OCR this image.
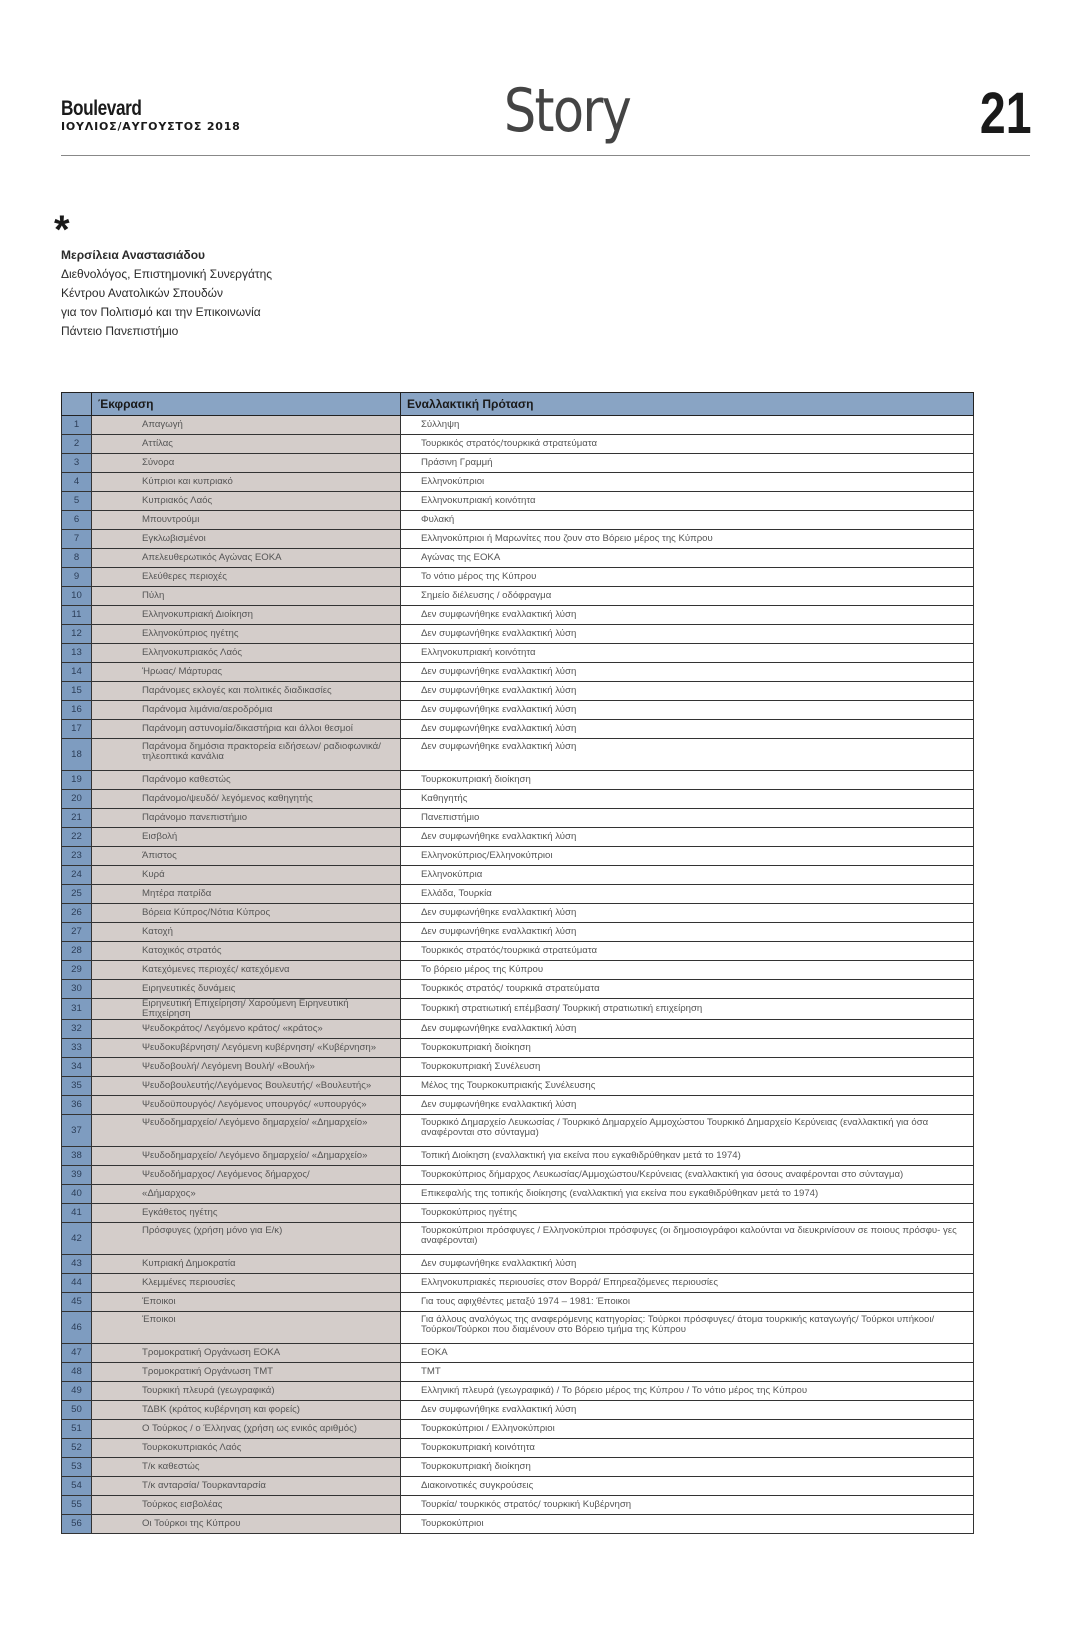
Boulevard
ΙΟΥΛΙΟΣ/ΑΥΓΟΥΣΤΟΣ 2018	Story	21
*
Μερσίλεια Αναστασιάδου
Διεθνολόγος, Επιστημονική Συνεργάτης
Κέντρου Ανατολικών Σπουδών
για τον Πολιτισμό και την Επικοινωνία
Πάντειο Πανεπιστήμιο
	Έκφραση	Εναλλακτική Πρόταση
1	Απαγωγή	Σύλληψη
2	Αττίλας	Τουρκικός στρατός/τουρκικά στρατεύματα
3	Σύνορα	Πράσινη Γραμμή
4	Κύπριοι και κυπριακό	Ελληνοκύπριοι
5	Κυπριακός Λαός	Ελληνοκυπριακή κοινότητα
6	Μπουντρούμι	Φυλακή
7	Εγκλωβισμένοι	Ελληνοκύπριοι ή Μαρωνίτες που ζουν στο Βόρειο μέρος της Κύπρου
8	Απελευθερωτικός Αγώνας ΕΟΚΑ	Αγώνας της ΕΟΚΑ
9	Ελεύθερες περιοχές	Το νότιο μέρος της Κύπρου
10	Πύλη	Σημείο διέλευσης / οδόφραγμα
11	Ελληνοκυπριακή Διοίκηση	Δεν συμφωνήθηκε εναλλακτική λύση
12	Ελληνοκύπριος ηγέτης	Δεν συμφωνήθηκε εναλλακτική λύση
13	Ελληνοκυπριακός Λαός	Ελληνοκυπριακή κοινότητα
14	Ήρωας/ Μάρτυρας	Δεν συμφωνήθηκε εναλλακτική λύση
15	Παράνομες εκλογές και πολιτικές διαδικασίες	Δεν συμφωνήθηκε εναλλακτική λύση
16	Παράνομα λιμάνια/αεροδρόμια	Δεν συμφωνήθηκε εναλλακτική λύση
17	Παράνομη αστυνομία/δικαστήρια και άλλοι θεσμοί	Δεν συμφωνήθηκε εναλλακτική λύση
18	Παράνομα δημόσια πρακτορεία ειδήσεων/ ραδιοφωνικά/ τηλεοπτικά κανάλια	Δεν συμφωνήθηκε εναλλακτική λύση
19	Παράνομο καθεστώς	Τουρκοκυπριακή διοίκηση
20	Παράνομο/ψευδό/ λεγόμενος καθηγητής	Καθηγητής
21	Παράνομο πανεπιστήμιο	Πανεπιστήμιο
22	Εισβολή	Δεν συμφωνήθηκε εναλλακτική λύση
23	Άπιστος	Ελληνοκύπριος/Ελληνοκύπριοι
24	Κυρά	Ελληνοκύπρια
25	Μητέρα πατρίδα	Ελλάδα, Τουρκία
26	Βόρεια Κύπρος/Νότια Κύπρος	Δεν συμφωνήθηκε εναλλακτική λύση
27	Κατοχή	Δεν συμφωνήθηκε εναλλακτική λύση
28	Κατοχικός στρατός	Τουρκικός στρατός/τουρκικά στρατεύματα
29	Κατεχόμενες περιοχές/ κατεχόμενα	Το βόρειο μέρος της Κύπρου
30	Ειρηνευτικές δυνάμεις	Τουρκικός στρατός/ τουρκικά στρατεύματα
31	Ειρηνευτική Επιχείρηση/ Χαρούμενη Ειρηνευτική Επιχείρηση	Τουρκική στρατιωτική επέμβαση/ Τουρκική στρατιωτική επιχείρηση
32	Ψευδοκράτος/ Λεγόμενο κράτος/ «κράτος»	Δεν συμφωνήθηκε εναλλακτική λύση
33	Ψευδοκυβέρνηση/ Λεγόμενη κυβέρνηση/ «Κυβέρνηση»	Τουρκοκυπριακή διοίκηση
34	Ψευδοβουλή/ Λεγόμενη Βουλή/ «Βουλή»	Τουρκοκυπριακή Συνέλευση
35	Ψευδοβουλευτής/Λεγόμενος Βουλευτής/ «Βουλευτής»	Μέλος της Τουρκοκυπριακής Συνέλευσης
36	Ψευδοϋπουργός/ Λεγόμενος υπουργός/ «υπουργός»	Δεν συμφωνήθηκε εναλλακτική λύση
37	Ψευδοδημαρχείο/ Λεγόμενο δημαρχείο/ «Δημαρχείο»	Τουρκικό Δημαρχείο Λευκωσίας / Τουρκικό Δημαρχείο Αμμοχώστου Τουρκικό Δημαρχείο Κερύνειας (εναλλακτική για όσα αναφέρονται στο σύνταγμα)
38	Ψευδοδημαρχείο/ Λεγόμενο δημαρχείο/ «Δημαρχείο»	Τοπική Διοίκηση (εναλλακτική για εκείνα που εγκαθιδρύθηκαν μετά το 1974)
39	Ψευδοδήμαρχος/ Λεγόμενος δήμαρχος/	Τουρκοκύπριος δήμαρχος Λευκωσίας/Αμμοχώστου/Κερύνειας (εναλλακτική για όσους αναφέρονται στο σύνταγμα)
40	«Δήμαρχος»	Επικεφαλής της τοπικής διοίκησης (εναλλακτική για εκείνα που εγκαθιδρύθηκαν μετά το 1974)
41	Εγκάθετος ηγέτης	Τουρκοκύπριος ηγέτης
42	Πρόσφυγες (χρήση μόνο για Ε/κ)	Τουρκοκύπριοι πρόσφυγες / Ελληνοκύπριοι πρόσφυγες (οι δημοσιογράφοι καλούνται να διευκρινίσουν σε ποιους πρόσφυ- γες αναφέρονται)
43	Κυπριακή Δημοκρατία	Δεν συμφωνήθηκε εναλλακτική λύση
44	Κλεμμένες περιουσίες	Ελληνοκυπριακές περιουσίες στον Βορρά/ Επηρεαζόμενες περιουσίες
45	Έποικοι	Για τους αφιχθέντες μεταξύ 1974 – 1981: Έποικοι
46	Έποικοι	Για άλλους αναλόγως της αναφερόμενης κατηγορίας: Τούρκοι πρόσφυγες/ άτομα τουρκικής καταγωγής/ Τούρκοι υπήκοοι/ Τούρκοι/Τούρκοι που διαμένουν στο Βόρειο τμήμα της Κύπρου
47	Τρομοκρατική Οργάνωση ΕΟΚΑ	ΕΟΚΑ
48	Τρομοκρατική Οργάνωση ΤΜΤ	ΤΜΤ
49	Τουρκική πλευρά (γεωγραφικά)	Ελληνική πλευρά (γεωγραφικά) / Το βόρειο μέρος της Κύπρου / Το νότιο μέρος της Κύπρου
50	ΤΔΒΚ (κράτος κυβέρνηση και φορείς)	Δεν συμφωνήθηκε εναλλακτική λύση
51	Ο Τούρκος / ο Έλληνας (χρήση ως ενικός αριθμός)	Τουρκοκύπριοι / Ελληνοκύπριοι
52	Τουρκοκυπριακός Λαός	Τουρκοκυπριακή κοινότητα
53	Τ/κ καθεστώς	Τουρκοκυπριακή διοίκηση
54	Τ/κ ανταρσία/ Τουρκανταρσία	Διακοινοτικές συγκρούσεις
55	Τούρκος εισβολέας	Τουρκία/ τουρκικός στρατός/ τουρκική Κυβέρνηση
56	Οι Τούρκοι της Κύπρου	Τουρκοκύπριοι
